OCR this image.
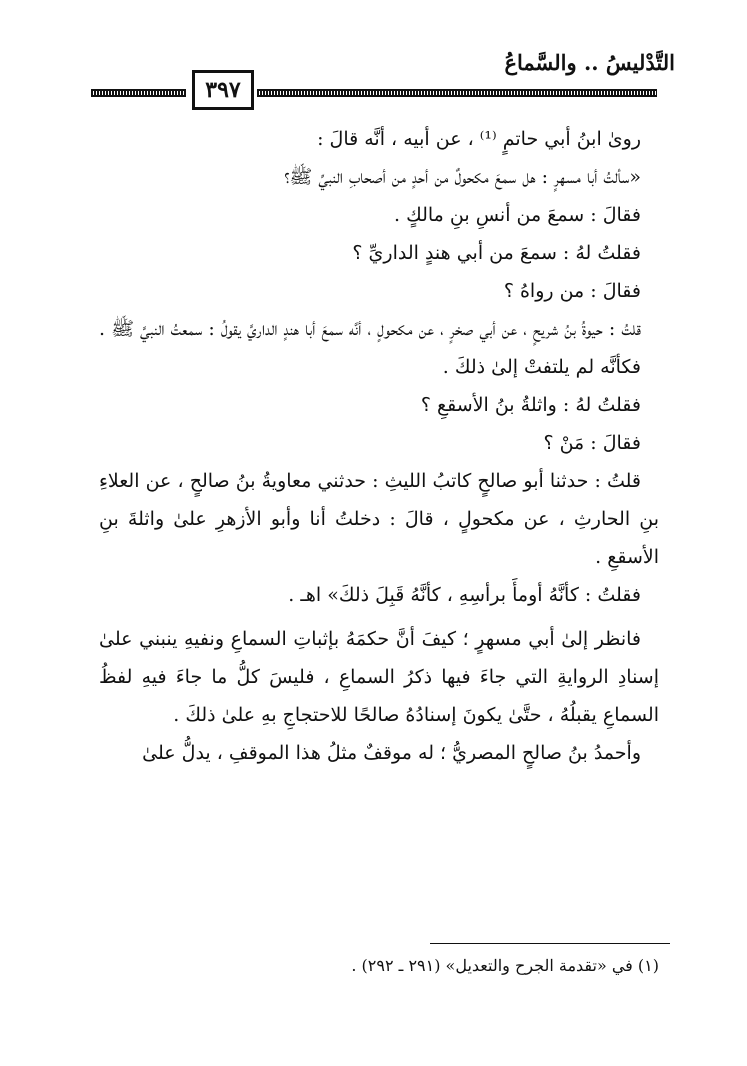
التَّدْليسُ .. والسَّماعُ
٣٩٧

رویٰ ابنُ أبي حاتمٍ ⁽¹⁾ ، عن أبيه ، أنَّه قالَ :

«سألتُ أبا مسهرٍ : هل سمعَ مكحولٌ من أحدٍ من أصحابِ النبيِّ ﷺ؟

فقالَ : سمعَ من أنسِ بنِ مالكٍ .

فقلتُ لهُ : سمعَ من أبي هندٍ الداريِّ ؟

فقالَ : من رواهُ ؟

قلتُ : حيوةُ بنُ شريحٍ ، عن أبي صخرٍ ، عن مكحولٍ ، أنَّه سمعَ أبا هندٍ الداريَّ يقولُ : سمعتُ النبيَّ ﷺ .

فكأنَّه لم يلتفتْ إلىٰ ذلكَ .

فقلتُ لهُ : واثلةُ بنُ الأسقعِ ؟

فقالَ : مَنْ ؟

قلتُ : حدثنا أبو صالحٍ كاتبُ الليثِ : حدثني معاويةُ بنُ صالحٍ ، عن العلاءِ بنِ الحارثِ ، عن مكحولٍ ، قالَ : دخلتُ أنا وأبو الأزهرِ علىٰ واثلةَ بنِ الأسقعِ .

فقلتُ : كأنَّهُ أومأَ برأسِهِ ، كأنَّهُ قَبِلَ ذلكَ» اهـ .

فانظر إلىٰ أبي مسهرٍ ؛ كيفَ أنَّ حكمَهُ بإثباتِ السماعِ ونفيهِ ينبني علىٰ إسنادِ الروايةِ التي جاءَ فيها ذكرُ السماعِ ، فليسَ كلُّ ما جاءَ فيهِ لفظُ السماعِ يقبلُهُ ، حتَّىٰ يكونَ إسنادُهُ صالحًا للاحتجاجِ بهِ علىٰ ذلكَ .

وأحمدُ بنُ صالحٍ المصريُّ ؛ له موقفٌ مثلُ هذا الموقفِ ، يدلُّ علىٰ

(١) في «تقدمة الجرح والتعديل» (٢٩١ ـ ٢٩٢) .
